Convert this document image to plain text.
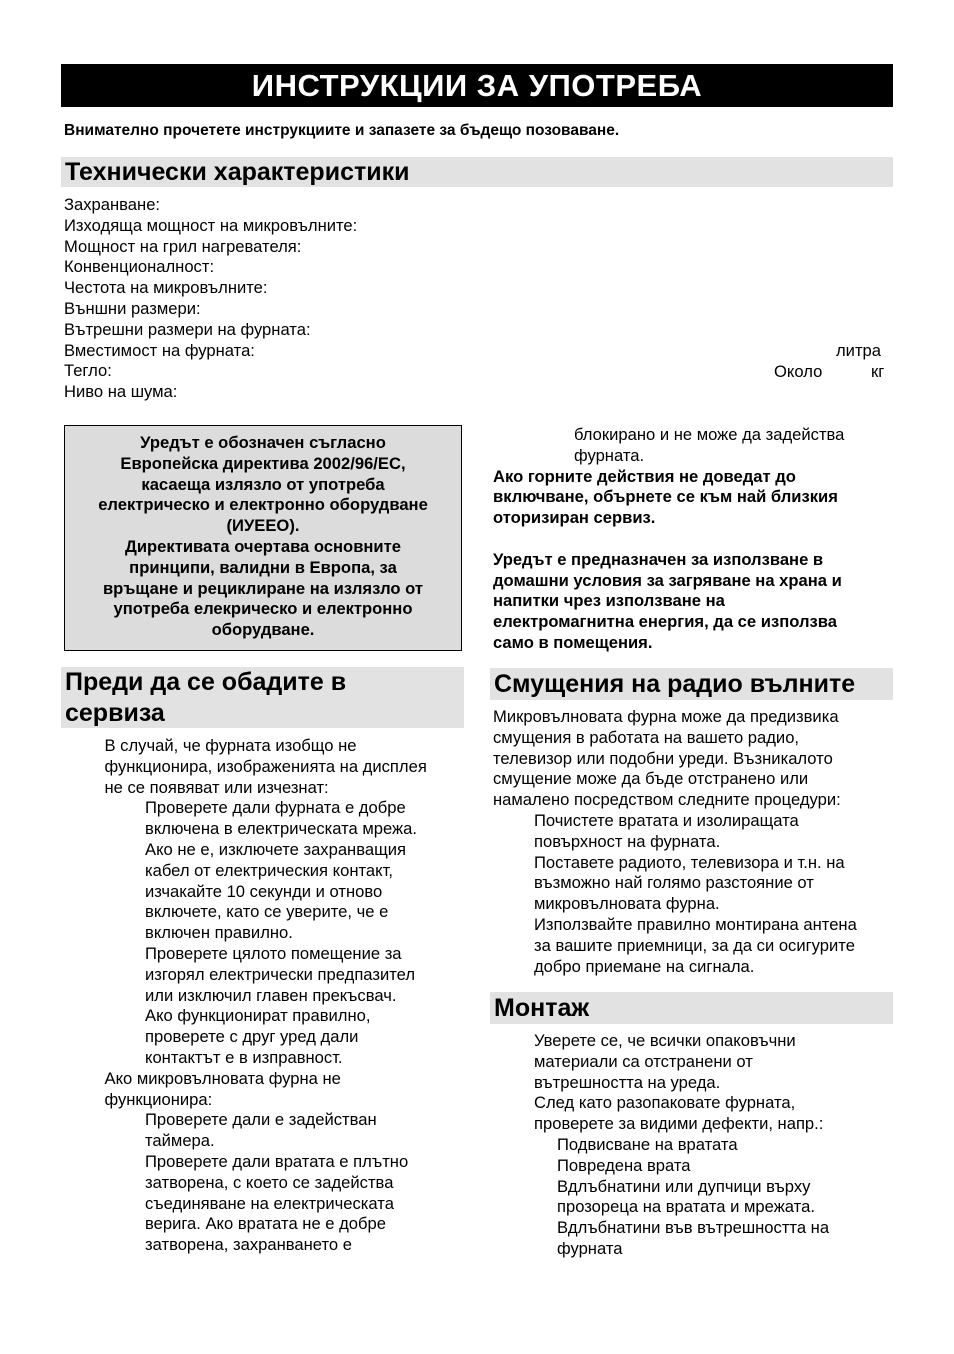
ИНСТРУКЦИИ ЗА УПОТРЕБА
Внимателно прочетете инструкциите и запазете за бъдещо позоваване.
Технически характеристики
Захранване:
Изходяща мощност на микровълните:
Мощност на грил нагревателя:
Конвенционалност:
Честота на микровълните:
Външни размери:
Вътрешни размери на фурната:
Вместимост на фурната:
Тегло:
Ниво на шума:
литра
Около	кг
Уредът е обозначен съгласно
Европейска директива 2002/96/ЕС,
касаеща излязло от употреба
електрическо и електронно оборудване
(ИУЕЕО).
Директивата очертава основните
принципи, валидни в Европа, за
връщане и рециклиране на излязло от
употреба елекрическо и електронно
оборудване.
Преди да се обадите в
сервиза
В случай, че фурната изобщо не
функционира, изображенията на дисплея
не се появяват или изчезнат:
Проверете дали фурната е добре
включена в електрическата мрежа.
Ако не е, изключете захранващия
кабел от електрическия контакт,
изчакайте 10 секунди и отново
включете, като се уверите, че е
включен правилно.
Проверете цялото помещение за
изгорял електрически предпазител
или изключил главен прекъсвач.
Ако функционират правилно,
проверете с друг уред дали
контактът е в изправност.
Ако микровълновата фурна не
функционира:
Проверете дали е задействан
таймера.
Проверете дали вратата е плътно
затворена, с което се задейства
съединяване на електрическата
верига. Ако вратата не е добре
затворена, захранването е
блокирано и не може да задейства
фурната.
Ако горните действия не доведат до
включване, обърнете се към най близкия
оторизиран сервиз.
Уредът е предназначен за използване в
домашни условия за загряване на храна и
напитки чрез използване на
електромагнитна енергия, да се използва
само в помещения.
Смущения на радио вълните
Микровълновата фурна може да предизвика
смущения в работата на вашето радио,
телевизор или подобни уреди. Възникалото
смущение може да бъде отстранено или
намалено посредством следните процедури:
Почистете вратата и изолиращата
повърхност на фурната.
Поставете радиото, телевизора и т.н. на
възможно най голямо разстояние от
микровълновата фурна.
Използвайте правилно монтирана антена
за вашите приемници, за да си осигурите
добро приемане на сигнала.
Монтаж
Уверете се, че всички опаковъчни
материали са отстранени от
вътрешността на уреда.
След като разопаковате фурната,
проверете за видими дефекти, напр.:
Подвисване на вратата
Повредена врата
Вдлъбнатини или дупчици върху
прозореца на вратата и мрежата.
Вдлъбнатини във вътрешността на
фурната
